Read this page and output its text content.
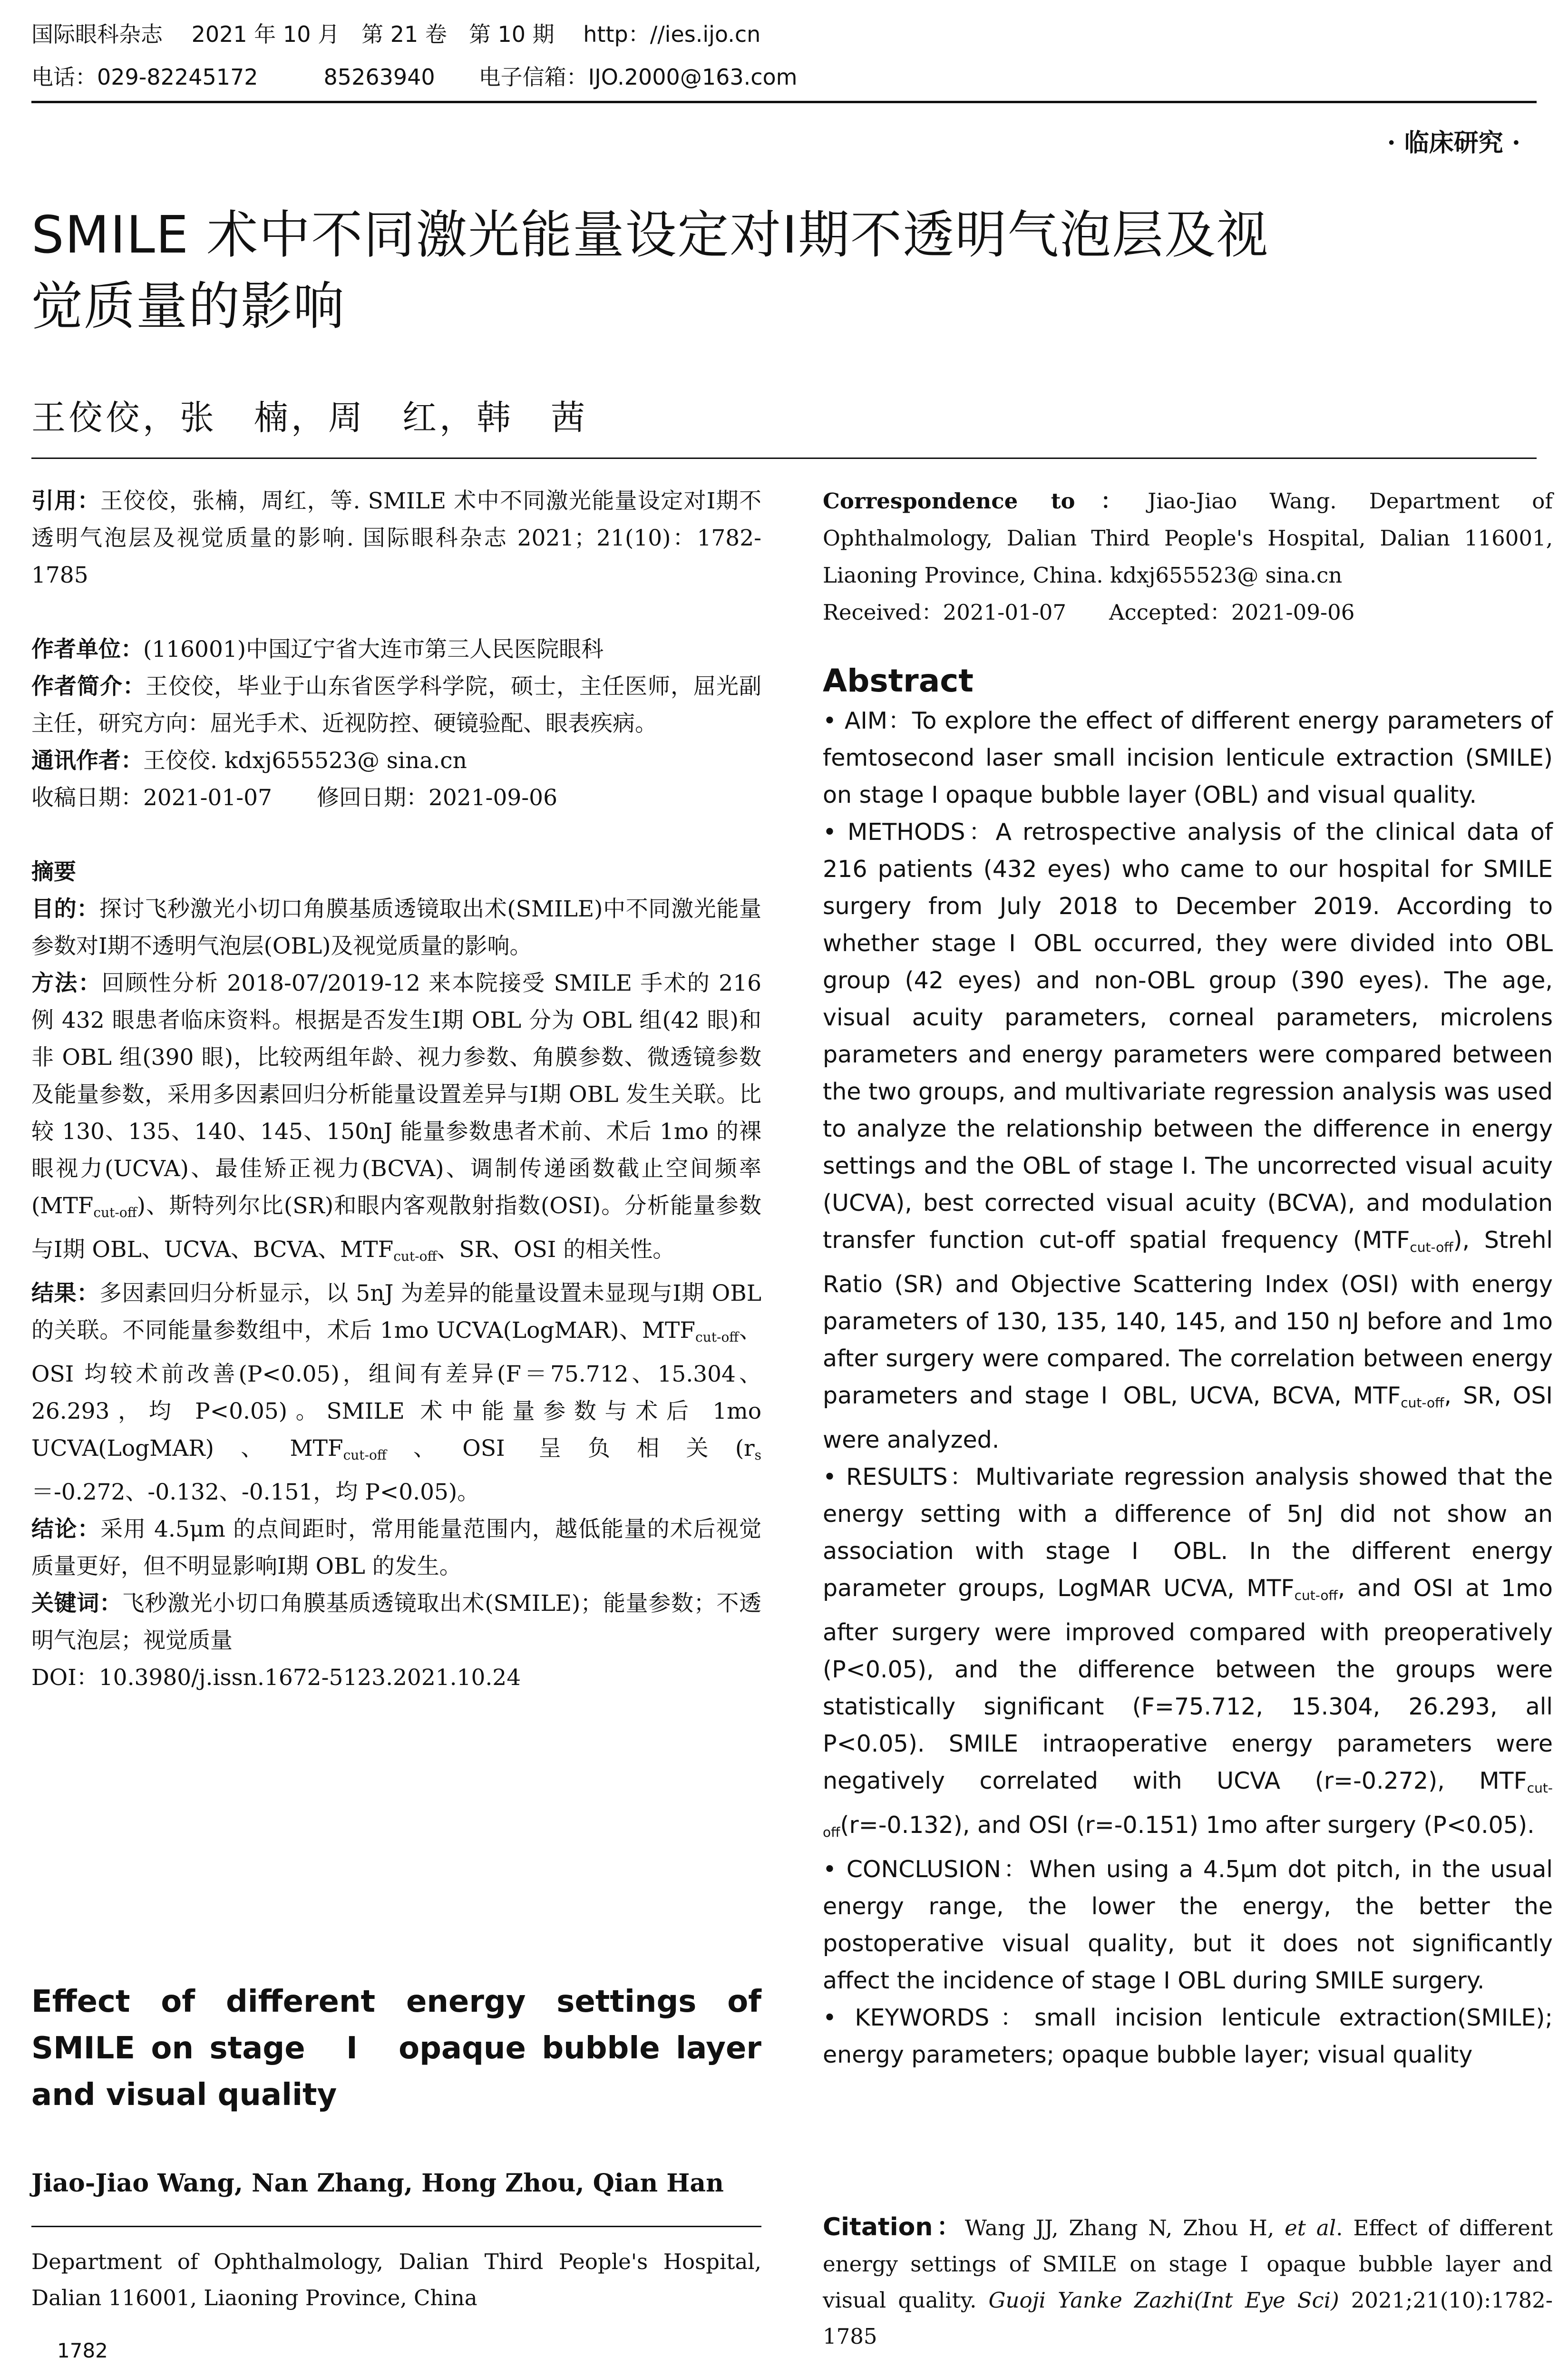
国际眼科杂志　 2021 年 10 月　第 21 卷　第 10 期　 http：//ies.ijo.cn
电话：029-82245172　　　85263940　　电子信箱：IJO.2000@163.com
· 临床研究 ·
SMILE 术中不同激光能量设定对Ⅰ期不透明气泡层及视
觉质量的影响
王佼佼，张　楠，周　红，韩　茜

引用：王佼佼，张楠，周红，等. SMILE 术中不同激光能量设定对Ⅰ期不透明气泡层及视觉质量的影响. 国际眼科杂志 2021；21(10)：1782-1785

作者单位：(116001)中国辽宁省大连市第三人民医院眼科

作者简介：王佼佼，毕业于山东省医学科学院，硕士，主任医师，屈光副主任，研究方向：屈光手术、近视防控、硬镜验配、眼表疾病。

通讯作者：王佼佼. kdxj655523@ sina.cn

收稿日期：2021-01-07　　修回日期：2021-09-06

摘要

目的：探讨飞秒激光小切口角膜基质透镜取出术(SMILE)中不同激光能量参数对Ⅰ期不透明气泡层(OBL)及视觉质量的影响。

方法：回顾性分析 2018-07/2019-12 来本院接受 SMILE 手术的 216 例 432 眼患者临床资料。根据是否发生Ⅰ期 OBL 分为 OBL 组(42 眼)和非 OBL 组(390 眼)，比较两组年龄、视力参数、角膜参数、微透镜参数及能量参数，采用多因素回归分析能量设置差异与Ⅰ期 OBL 发生关联。比较 130、135、140、145、150nJ 能量参数患者术前、术后 1mo 的裸眼视力(UCVA)、最佳矫正视力(BCVA)、调制传递函数截止空间频率$(MTF_{cut-off})$、斯特列尔比(SR)和眼内客观散射指数(OSI)。分析能量参数与Ⅰ期 OBL、UCVA、BCVA、$MTF_{cut-off}$、SR、OSI 的相关性。

结果：多因素回归分析显示，以 5nJ 为差异的能量设置未显现与Ⅰ期 OBL 的关联。不同能量参数组中，术后 1mo UCVA(LogMAR)、$MTF_{cut-off}$、OSI 均较术前改善(P<0.05)，组间有差异(F＝75.712、15.304、26.293，均 P<0.05)。SMILE 术中能量参数与术后 1mo UCVA(LogMAR)、$MTF_{cut-off}$、OSI 呈负相关($r_s=-0.272$、-0.132、-0.151，均 P<0.05)。

结论：采用 4.5μm 的点间距时，常用能量范围内，越低能量的术后视觉质量更好，但不明显影响Ⅰ期 OBL 的发生。

关键词：飞秒激光小切口角膜基质透镜取出术(SMILE)；能量参数；不透明气泡层；视觉质量

DOI：10.3980/j.issn.1672-5123.2021.10.24

Effect of different energy settings of SMILE on stage　Ⅰ　opaque bubble layer and visual quality
Jiao-Jiao Wang, Nan Zhang, Hong Zhou, Qian Han
Department of Ophthalmology, Dalian Third People's Hospital, Dalian 116001, Liaoning Province, China
1782

Correspondence to：Jiao-Jiao Wang. Department of Ophthalmology, Dalian Third People's Hospital, Dalian 116001, Liaoning Province, China. kdxj655523@ sina.cn

Received：2021-01-07　　Accepted：2021-09-06

Abstract

• AIM：To explore the effect of different energy parameters of femtosecond laser small incision lenticule extraction (SMILE) on stage Ⅰ opaque bubble layer (OBL) and visual quality.

• METHODS：A retrospective analysis of the clinical data of 216 patients (432 eyes) who came to our hospital for SMILE surgery from July 2018 to December 2019. According to whether stage Ⅰ OBL occurred, they were divided into OBL group (42 eyes) and non-OBL group (390 eyes). The age, visual acuity parameters, corneal parameters, microlens parameters and energy parameters were compared between the two groups, and multivariate regression analysis was used to analyze the relationship between the difference in energy settings and the OBL of stage Ⅰ. The uncorrected visual acuity (UCVA), best corrected visual acuity (BCVA), and modulation transfer function cut-off spatial frequency $(MTF_{cut-off})$, Strehl Ratio (SR) and Objective Scattering Index (OSI) with energy parameters of 130, 135, 140, 145, and 150 nJ before and 1mo after surgery were compared. The correlation between energy parameters and stage Ⅰ OBL, UCVA, BCVA, $MTF_{cut-off}$, SR, OSI were analyzed.

• RESULTS：Multivariate regression analysis showed that the energy setting with a difference of 5nJ did not show an association with stage Ⅰ OBL. In the different energy parameter groups, LogMAR UCVA, $MTF_{cut-off}$, and OSI at 1mo after surgery were improved compared with preoperatively (P<0.05), and the difference between the groups were statistically significant (F=75.712, 15.304, 26.293, all P<0.05). SMILE intraoperative energy parameters were negatively correlated with UCVA (r=-0.272), $MTF_{cut-off}(r=-0.132)$, and OSI (r=-0.151) 1mo after surgery (P<0.05).

• CONCLUSION：When using a 4.5μm dot pitch, in the usual energy range, the lower the energy, the better the postoperative visual quality, but it does not significantly affect the incidence of stage Ⅰ OBL during SMILE surgery.

• KEYWORDS：small incision lenticule extraction(SMILE); energy parameters; opaque bubble layer; visual quality

Citation：Wang JJ, Zhang N, Zhou H, et al. Effect of different energy settings of SMILE on stage Ⅰ opaque bubble layer and visual quality. Guoji Yanke Zazhi(Int Eye Sci) 2021;21(10):1782-1785
